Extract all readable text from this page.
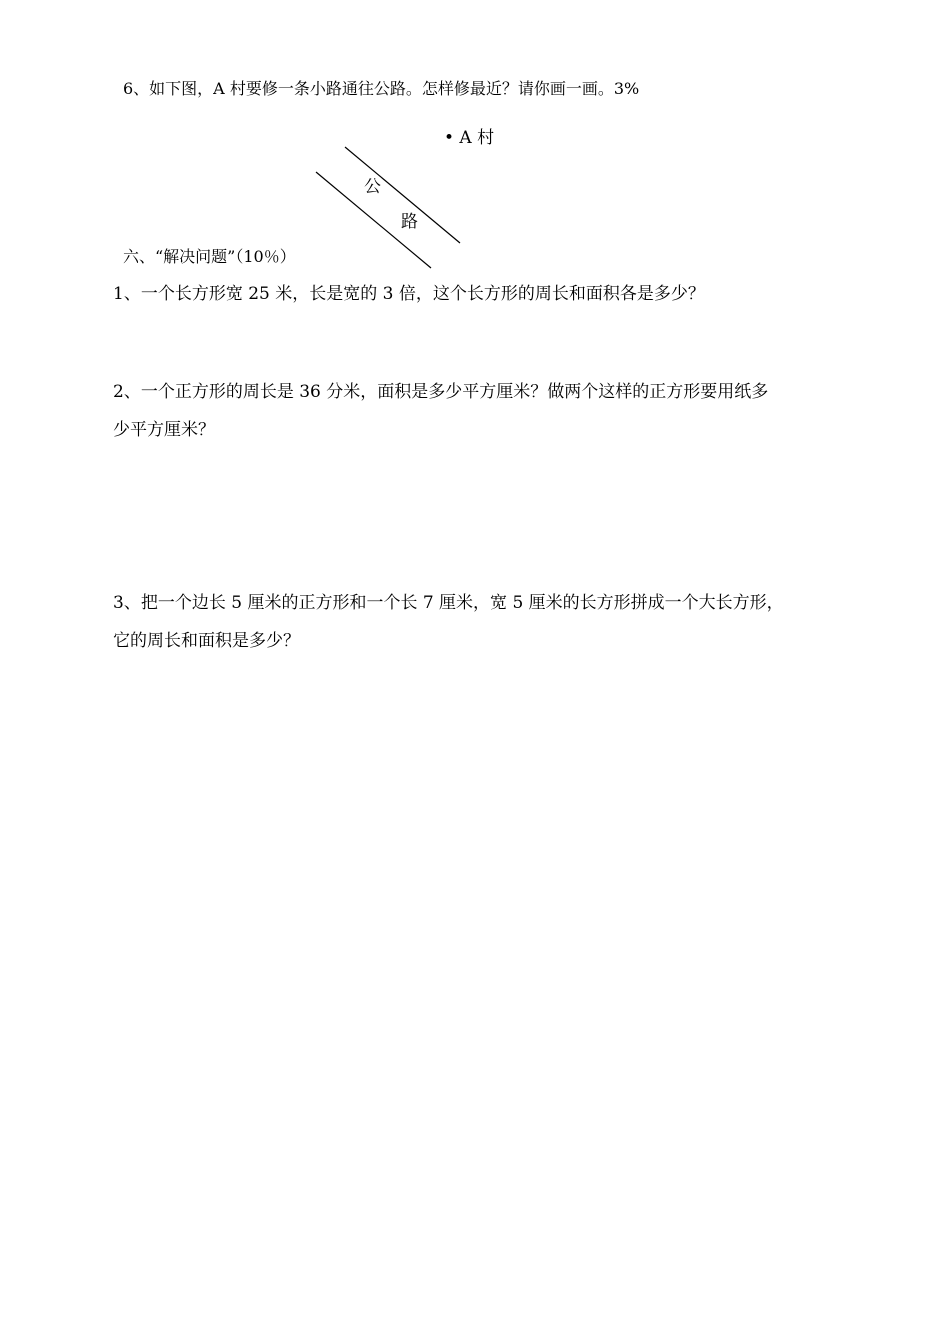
6、如下图，A 村要修一条小路通往公路。怎样修最近？请你画一画。3%
• A 村
公
路
六、“解决问题”（10％）
1、一个长方形宽 25 米，长是宽的 3 倍，这个长方形的周长和面积各是多少？
2、一个正方形的周长是 36 分米，面积是多少平方厘米？做两个这样的正方形要用纸多
少平方厘米？
3、把一个边长 5 厘米的正方形和一个长 7 厘米，宽 5 厘米的长方形拼成一个大长方形，
它的周长和面积是多少？
